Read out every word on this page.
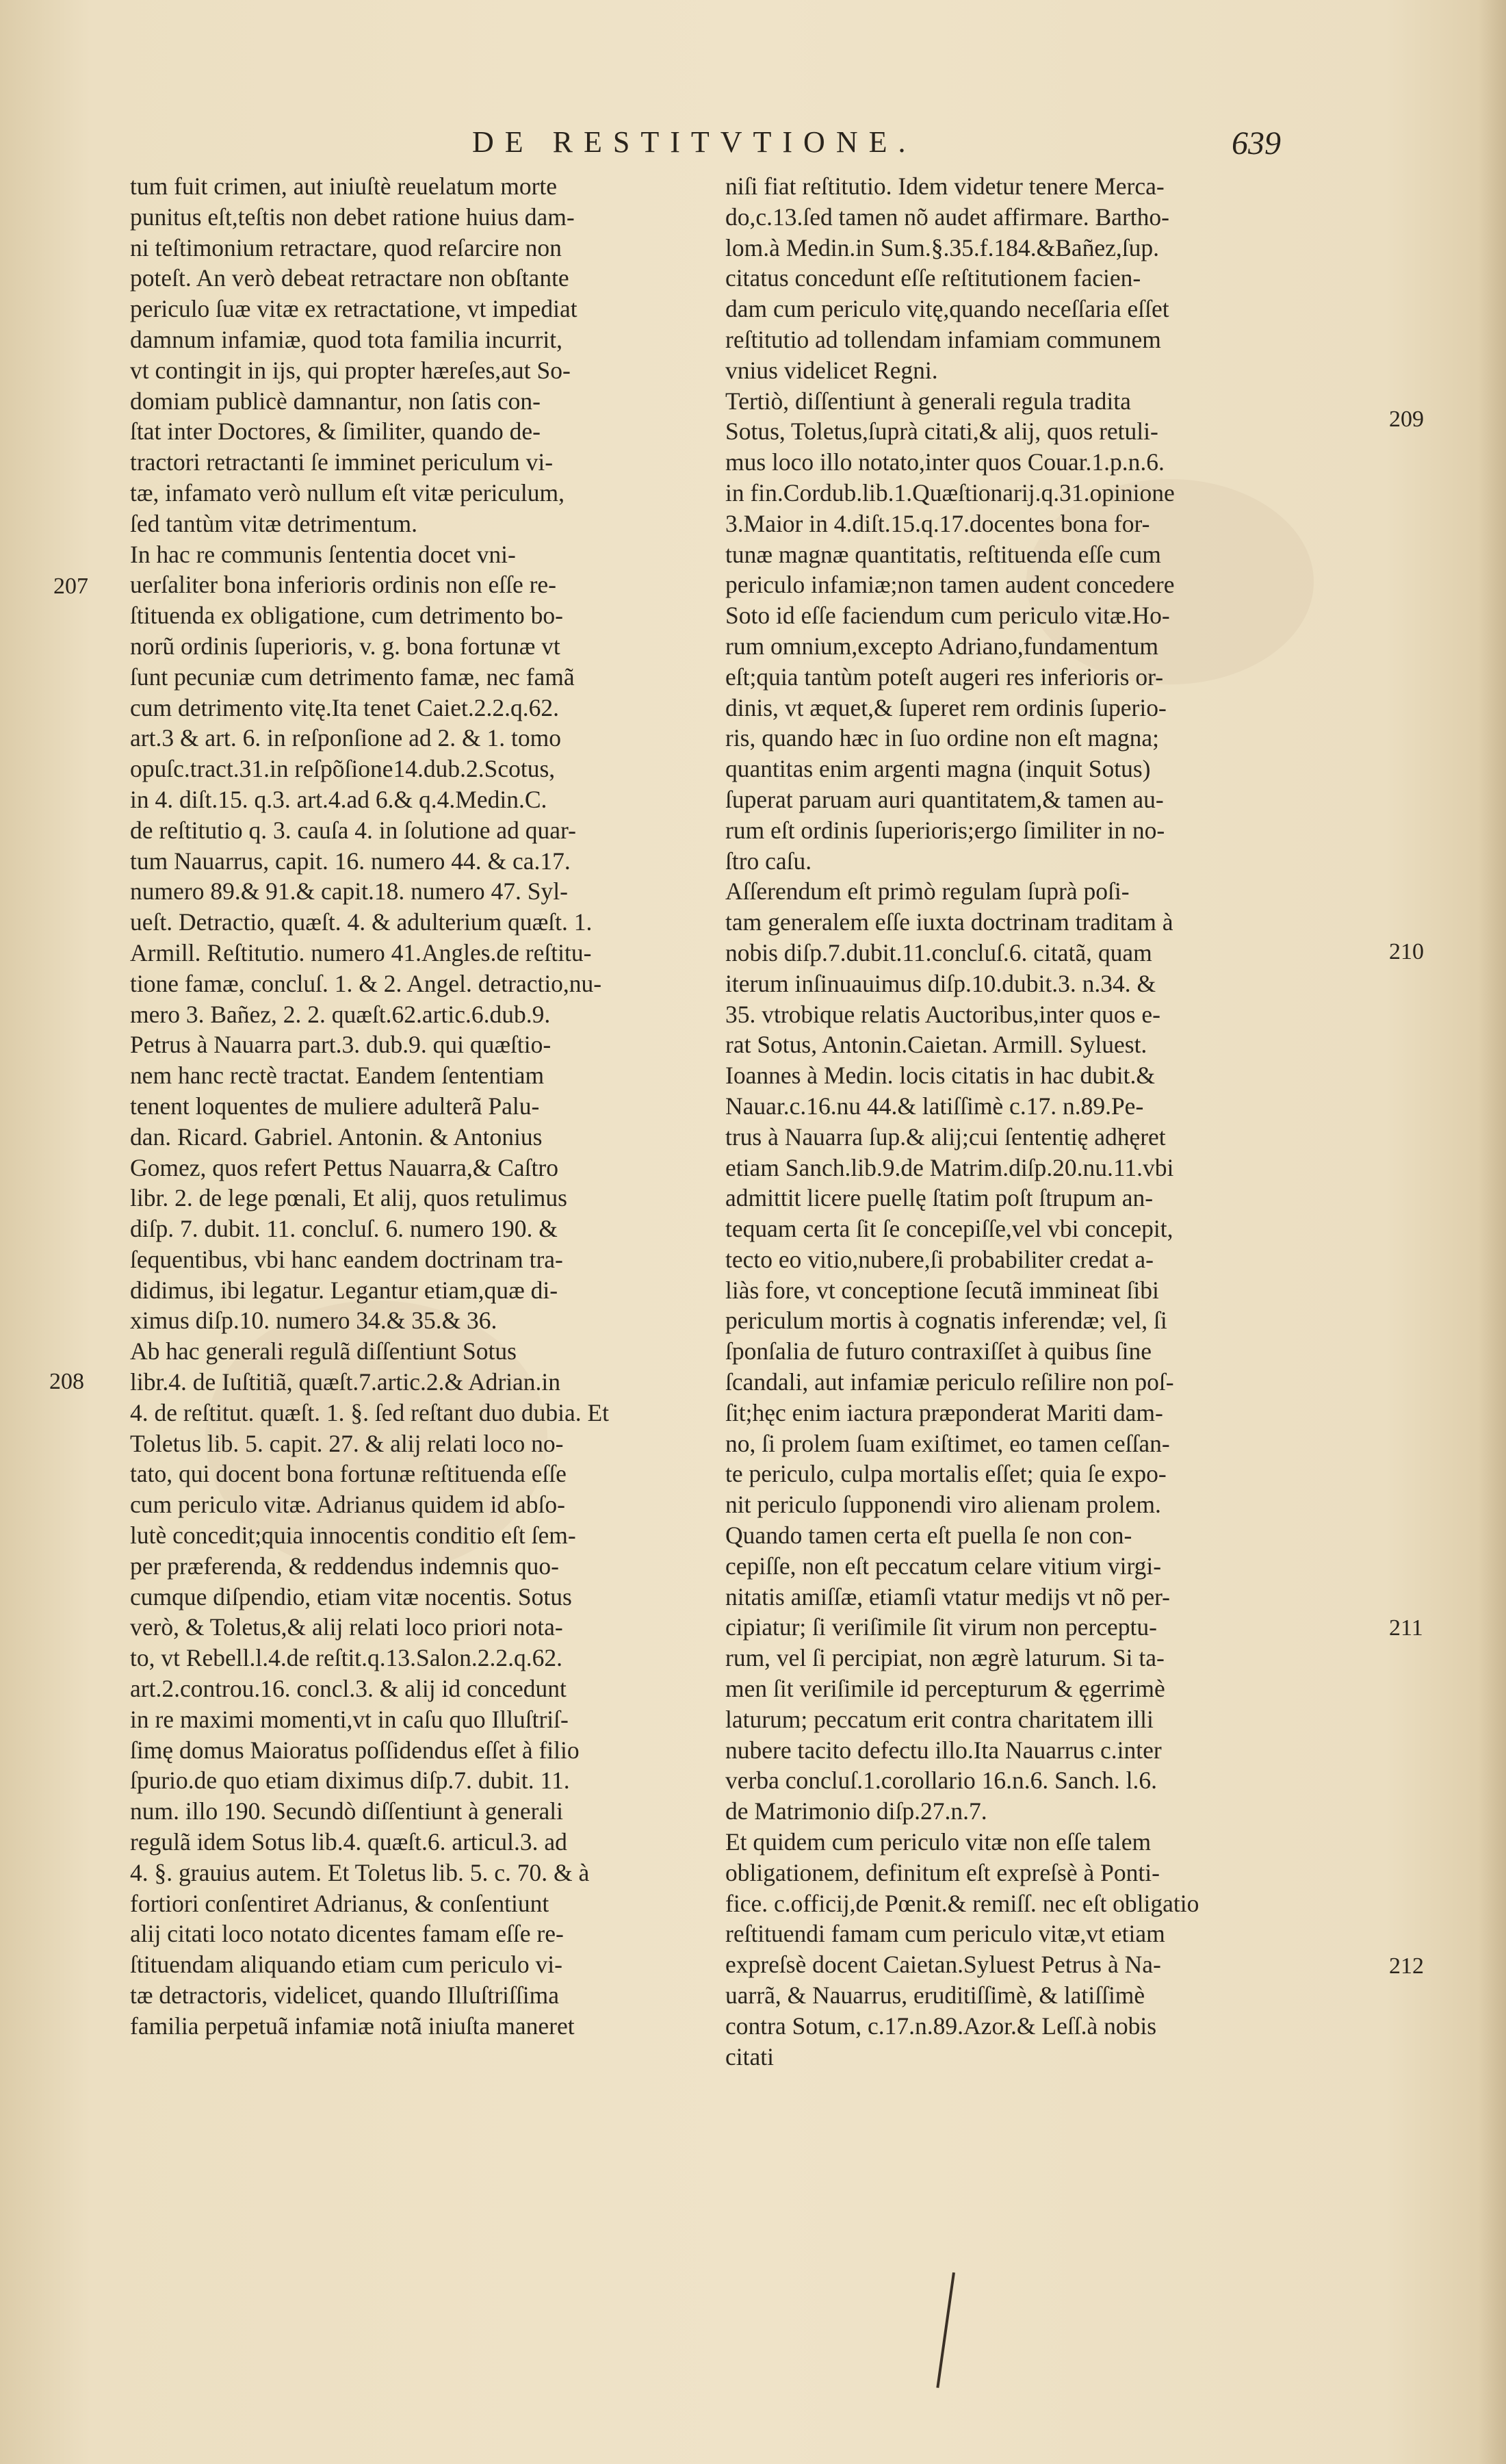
DE RESTITVTIONE.	639
tum fuit crimen, aut iniuſtè reuelatum morte
punitus eſt,teſtis non debet ratione huius dam-
ni teſtimonium retractare, quod reſarcire non
poteſt. An verò debeat retractare non obſtante
periculo ſuæ vitæ ex retractatione, vt impediat
damnum infamiæ, quod tota familia incurrit,
vt contingit in ijs, qui propter hæreſes,aut So-
domiam publicè damnantur, non ſatis con-
ſtat inter Doctores, & ſimiliter, quando de-
tractori retractanti ſe imminet periculum vi-
tæ, infamato verò nullum eſt vitæ periculum,
ſed tantùm vitæ detrimentum.
In hac re communis ſententia docet vni-
uerſaliter bona inferioris ordinis non eſſe re-
ſtituenda ex obligatione, cum detrimento bo-
norũ ordinis ſuperioris, v. g. bona fortunæ vt
ſunt pecuniæ cum detrimento famæ, nec famã
cum detrimento vitę.Ita tenet Caiet.2.2.q.62.
art.3 & art. 6. in reſponſione ad 2. & 1. tomo
opuſc.tract.31.in reſpõſione14.dub.2.Scotus,
in 4. diſt.15. q.3. art.4.ad 6.& q.4.Medin.C.
de reſtitutio q. 3. cauſa 4. in ſolutione ad quar-
tum Nauarrus, capit. 16. numero 44. & ca.17.
numero 89.& 91.& capit.18. numero 47. Syl-
ueſt. Detractio, quæſt. 4. & adulterium quæſt. 1.
Armill. Reſtitutio. numero 41.Angles.de reſtitu-
tione famæ, concluſ. 1. & 2. Angel. detractio,nu-
mero 3. Bañez, 2. 2. quæſt.62.artic.6.dub.9.
Petrus à Nauarra part.3. dub.9. qui quæſtio-
nem hanc rectè tractat. Eandem ſententiam
tenent loquentes de muliere adulterã Palu-
dan. Ricard. Gabriel. Antonin. & Antonius
Gomez, quos refert Pettus Nauarra,& Caſtro
libr. 2. de lege pœnali, Et alij, quos retulimus
diſp. 7. dubit. 11. concluſ. 6. numero 190. &
ſequentibus, vbi hanc eandem doctrinam tra-
didimus, ibi legatur. Legantur etiam,quæ di-
ximus diſp.10. numero 34.& 35.& 36.
Ab hac generali regulã diſſentiunt Sotus
libr.4. de Iuſtitiã, quæſt.7.artic.2.& Adrian.in
4. de reſtitut. quæſt. 1. §. ſed reſtant duo dubia. Et
Toletus lib. 5. capit. 27. & alij relati loco no-
tato, qui docent bona fortunæ reſtituenda eſſe
cum periculo vitæ. Adrianus quidem id abſo-
lutè concedit;quia innocentis conditio eſt ſem-
per præferenda, & reddendus indemnis quo-
cumque diſpendio, etiam vitæ nocentis. Sotus
verò, & Toletus,& alij relati loco priori nota-
to, vt Rebell.l.4.de reſtit.q.13.Salon.2.2.q.62.
art.2.controu.16. concl.3. & alij id concedunt
in re maximi momenti,vt in caſu quo Illuſtriſ-
ſimę domus Maioratus poſſidendus eſſet à filio
ſpurio.de quo etiam diximus diſp.7. dubit. 11.
num. illo 190. Secundò diſſentiunt à generali
regulã idem Sotus lib.4. quæſt.6. articul.3. ad
4. §. grauius autem. Et Toletus lib. 5. c. 70. & à
fortiori conſentiret Adrianus, & conſentiunt
alij citati loco notato dicentes famam eſſe re-
ſtituendam aliquando etiam cum periculo vi-
tæ detractoris, videlicet, quando Illuſtriſſima
familia perpetuã infamiæ notã iniuſta maneret
niſi fiat reſtitutio. Idem videtur tenere Merca-
do,c.13.ſed tamen nõ audet affirmare. Bartho-
lom.à Medin.in Sum.§.35.f.184.&Bañez,ſup.
citatus concedunt eſſe reſtitutionem facien-
dam cum periculo vitę,quando neceſſaria eſſet
reſtitutio ad tollendam infamiam communem
vnius videlicet Regni.
Tertiò, diſſentiunt à generali regula tradita
Sotus, Toletus,ſuprà citati,& alij, quos retuli-
mus loco illo notato,inter quos Couar.1.p.n.6.
in fin.Cordub.lib.1.Quæſtionarij.q.31.opinione
3.Maior in 4.diſt.15.q.17.docentes bona for-
tunæ magnæ quantitatis, reſtituenda eſſe cum
periculo infamiæ;non tamen audent concedere
Soto id eſſe faciendum cum periculo vitæ.Ho-
rum omnium,excepto Adriano,fundamentum
eſt;quia tantùm poteſt augeri res inferioris or-
dinis, vt æquet,& ſuperet rem ordinis ſuperio-
ris, quando hæc in ſuo ordine non eſt magna;
quantitas enim argenti magna (inquit Sotus)
ſuperat paruam auri quantitatem,& tamen au-
rum eſt ordinis ſuperioris;ergo ſimiliter in no-
ſtro caſu.
Aſſerendum eſt primò regulam ſuprà poſi-
tam generalem eſſe iuxta doctrinam traditam à
nobis diſp.7.dubit.11.concluſ.6. citatã, quam
iterum inſinuauimus diſp.10.dubit.3. n.34. &
35. vtrobique relatis Auctoribus,inter quos e-
rat Sotus, Antonin.Caietan. Armill. Syluest.
Ioannes à Medin. locis citatis in hac dubit.&
Nauar.c.16.nu 44.& latiſſimè c.17. n.89.Pe-
trus à Nauarra ſup.& alij;cui ſententię adhęret
etiam Sanch.lib.9.de Matrim.diſp.20.nu.11.vbi
admittit licere puellę ſtatim poſt ſtrupum an-
tequam certa ſit ſe concepiſſe,vel vbi concepit,
tecto eo vitio,nubere,ſi probabiliter credat a-
liàs fore, vt conceptione ſecutã immineat ſibi
periculum mortis à cognatis inferendæ; vel, ſi
ſponſalia de futuro contraxiſſet à quibus ſine
ſcandali, aut infamiæ periculo reſilire non poſ-
ſit;hęc enim iactura præponderat Mariti dam-
no, ſi prolem ſuam exiſtimet, eo tamen ceſſan-
te periculo, culpa mortalis eſſet; quia ſe expo-
nit periculo ſupponendi viro alienam prolem.
Quando tamen certa eſt puella ſe non con-
cepiſſe, non eſt peccatum celare vitium virgi-
nitatis amiſſæ, etiamſi vtatur medijs vt nõ per-
cipiatur; ſi veriſimile ſit virum non perceptu-
rum, vel ſi percipiat, non ægrè laturum. Si ta-
men ſit veriſimile id percepturum & ęgerrimè
laturum; peccatum erit contra charitatem illi
nubere tacito defectu illo.Ita Nauarrus c.inter
verba concluſ.1.corollario 16.n.6. Sanch. l.6.
de Matrimonio diſp.27.n.7.
Et quidem cum periculo vitæ non eſſe talem
obligationem, definitum eſt expreſsè à Ponti-
fice. c.officij,de Pœnit.& remiſſ. nec eſt obligatio
reſtituendi famam cum periculo vitæ,vt etiam
expreſsè docent Caietan.Syluest Petrus à Na-
uarrã, & Nauarrus, eruditiſſimè, & latiſſimè
contra Sotum, c.17.n.89.Azor.& Leſſ.à nobis
citati
207
208
209
210
211
212
